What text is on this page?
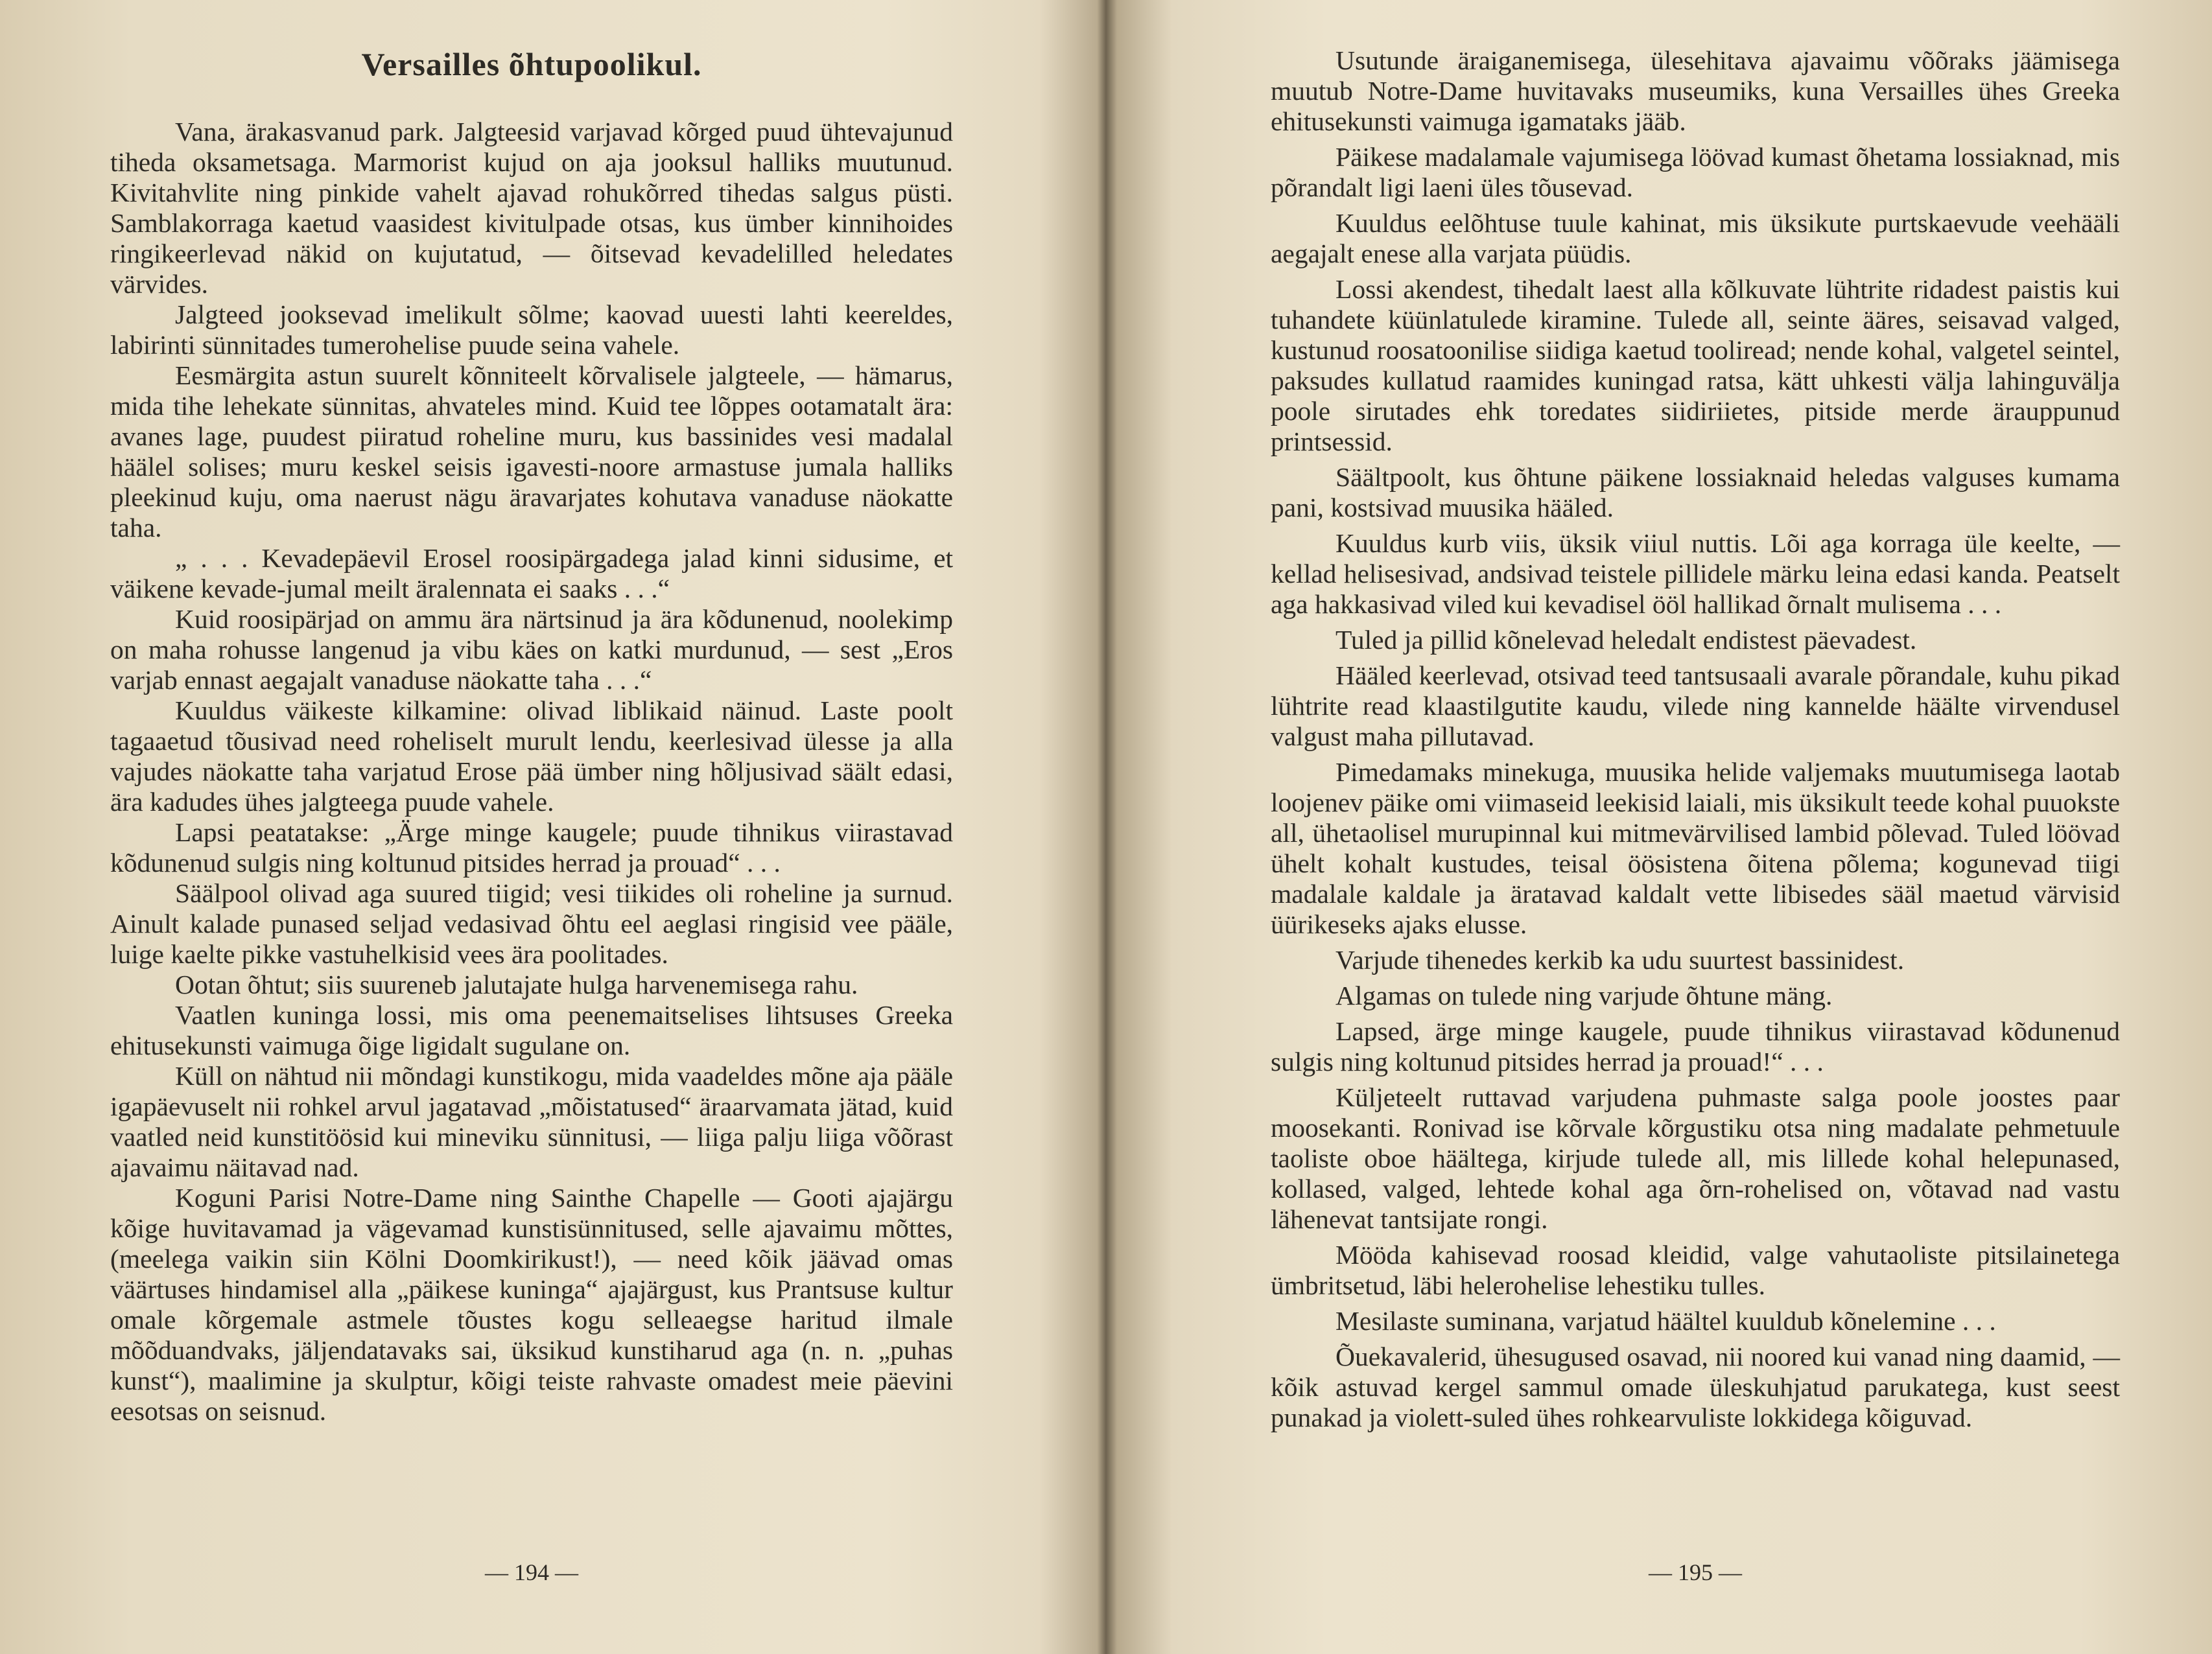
Versailles õhtupoolikul.

Vana, ärakasvanud park. Jalgteesid varjavad kõrged puud ühtevajunud tiheda oksametsaga. Marmorist kujud on aja jooksul halliks muutunud. Kivitahvlite ning pinkide vahelt ajavad rohukõrred tihedas salgus püsti. Samblakorraga kaetud vaasidest kivitulpade otsas, kus ümber kinnihoides ringikeerlevad näkid on kujutatud, — õitsevad kevadelilled heledates värvides.

Jalgteed jooksevad imelikult sõlme; kaovad uuesti lahti keereldes, labirinti sünnitades tumerohelise puude seina vahele.

Eesmärgita astun suurelt kõnniteelt kõrvalisele jalgteele, — hämarus, mida tihe lehekate sünnitas, ahvateles mind. Kuid tee lõppes ootamatalt ära: avanes lage, puudest piiratud roheline muru, kus bassinides vesi madalal häälel solises; muru keskel seisis igavesti-noore armastuse jumala halliks pleekinud kuju, oma naerust nägu äravarjates kohutava vanaduse näokatte taha.

„ . . . Kevadepäevil Erosel roosipärgadega jalad kinni sidusime, et väikene kevade-jumal meilt äralennata ei saaks . . .“

Kuid roosipärjad on ammu ära närtsinud ja ära kõdunenud, noolekimp on maha rohusse langenud ja vibu käes on katki murdunud, — sest „Eros varjab ennast aegajalt vanaduse näokatte taha . . .“

Kuuldus väikeste kilkamine: olivad liblikaid näinud. Laste poolt tagaaetud tõusivad need roheliselt murult lendu, keerlesivad ülesse ja alla vajudes näokatte taha varjatud Erose pää ümber ning hõljusivad säält edasi, ära kadudes ühes jalgteega puude vahele.

Lapsi peatatakse: „Ärge minge kaugele; puude tihnikus viirastavad kõdunenud sulgis ning koltunud pitsides herrad ja prouad“ . . .

Säälpool olivad aga suured tiigid; vesi tiikides oli roheline ja surnud. Ainult kalade punased seljad vedasivad õhtu eel aeglasi ringisid vee pääle, luige kaelte pikke vastuhelkisid vees ära poolitades.

Ootan õhtut; siis suureneb jalutajate hulga harvenemisega rahu.

Vaatlen kuninga lossi, mis oma peenemaitselises lihtsuses Greeka ehitusekunsti vaimuga õige ligidalt sugulane on.

Küll on nähtud nii mõndagi kunstikogu, mida vaadeldes mõne aja pääle igapäevuselt nii rohkel arvul jagatavad „mõistatused“ äraarvamata jätad, kuid vaatled neid kunstitöösid kui mineviku sünnitusi, — liiga palju liiga võõrast ajavaimu näitavad nad.

Koguni Parisi Notre-Dame ning Sainthe Chapelle — Gooti ajajärgu kõige huvitavamad ja vägevamad kunstisünnitused, selle ajavaimu mõttes, (meelega vaikin siin Kölni Doomkirikust!), — need kõik jäävad omas väärtuses hindamisel alla „päikese kuninga“ ajajärgust, kus Prantsuse kultur omale kõrgemale astmele tõustes kogu selleaegse haritud ilmale mõõduandvaks, jäljendatavaks sai, üksikud kunstiharud aga (n. n. „puhas kunst“), maalimine ja skulptur, kõigi teiste rahvaste omadest meie päevini eesotsas on seisnud.

— 194 —

Usutunde äraiganemisega, ülesehitava ajavaimu võõraks jäämisega muutub Notre-Dame huvitavaks museumiks, kuna Versailles ühes Greeka ehitusekunsti vaimuga igamataks jääb.

Päikese madalamale vajumisega löövad kumast õhetama lossiaknad, mis põrandalt ligi laeni üles tõusevad.

Kuuldus eelõhtuse tuule kahinat, mis üksikute purtskaevude veehääli aegajalt enese alla varjata püüdis.

Lossi akendest, tihedalt laest alla kõlkuvate lühtrite ridadest paistis kui tuhandete küünlatulede kiramine. Tulede all, seinte ääres, seisavad valged, kustunud roosatoonilise siidiga kaetud tooliread; nende kohal, valgetel seintel, paksudes kullatud raamides kuningad ratsa, kätt uhkesti välja lahinguvälja poole sirutades ehk toredates siidiriietes, pitside merde ärauppunud printsessid.

Säältpoolt, kus õhtune päikene lossiaknaid heledas valguses kumama pani, kostsivad muusika hääled.

Kuuldus kurb viis, üksik viiul nuttis. Lõi aga korraga üle keelte, — kellad helisesivad, andsivad teistele pillidele märku leina edasi kanda. Peatselt aga hakkasivad viled kui kevadisel ööl hallikad õrnalt mulisema . . .

Tuled ja pillid kõnelevad heledalt endistest päevadest.

Hääled keerlevad, otsivad teed tantsusaali avarale põrandale, kuhu pikad lühtrite read klaastilgutite kaudu, vilede ning kannelde häälte virvendusel valgust maha pillutavad.

Pimedamaks minekuga, muusika helide valjemaks muutumisega laotab loojenev päike omi viimaseid leekisid laiali, mis üksikult teede kohal puuokste all, ühetaolisel murupinnal kui mitmevärvilised lambid põlevad. Tuled löövad ühelt kohalt kustudes, teisal öösistena õitena põlema; kogunevad tiigi madalale kaldale ja äratavad kaldalt vette libisedes sääl maetud värvisid üürikeseks ajaks elusse.

Varjude tihenedes kerkib ka udu suurtest bassinidest.

Algamas on tulede ning varjude õhtune mäng.

Lapsed, ärge minge kaugele, puude tihnikus viirastavad kõdunenud sulgis ning koltunud pitsides herrad ja prouad!“ . . .

Küljeteelt ruttavad varjudena puhmaste salga poole joostes paar moosekanti. Ronivad ise kõrvale kõrgustiku otsa ning madalate pehmetuule taoliste oboe häältega, kirjude tulede all, mis lillede kohal helepunased, kollased, valged, lehtede kohal aga õrn-rohelised on, võtavad nad vastu lähenevat tantsijate rongi.

Mööda kahisevad roosad kleidid, valge vahutaoliste pitsilainetega ümbritsetud, läbi helerohelise lehestiku tulles.

Mesilaste suminana, varjatud häältel kuuldub kõnelemine . . .

Õuekavalerid, ühesugused osavad, nii noored kui vanad ning daamid, — kõik astuvad kergel sammul omade üleskuhjatud parukatega, kust seest punakad ja violett-suled ühes rohkearvuliste lokkidega kõiguvad.

— 195 —
